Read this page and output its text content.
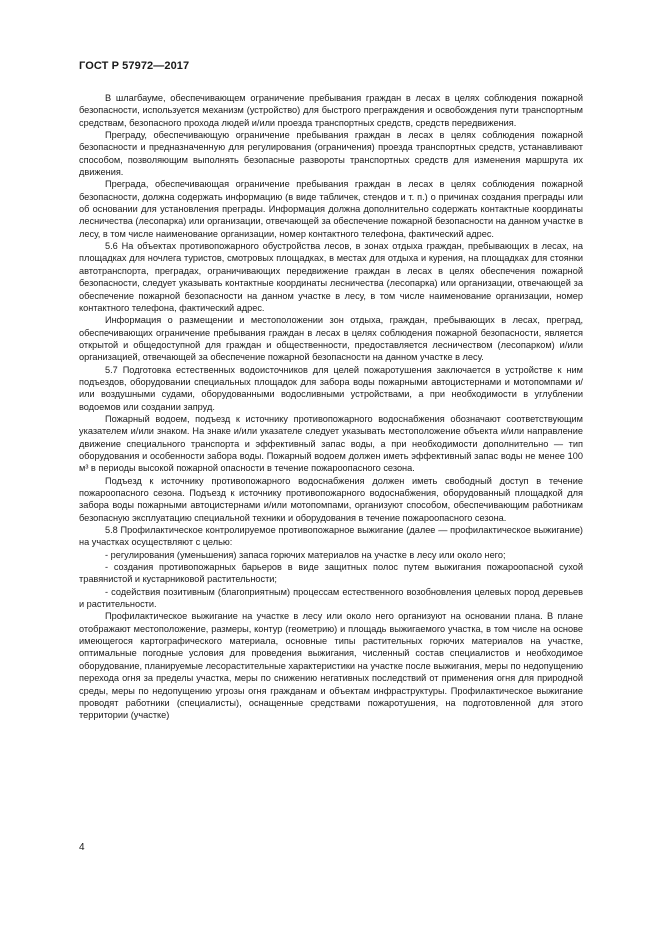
ГОСТ Р 57972—2017

В шлагбауме, обеспечивающем ограничение пребывания граждан в лесах в целях соблюдения пожарной безопасности, используется механизм (устройство) для быстрого преграждения и освобождения пути транспортным средствам, безопасного прохода людей и/или проезда транспортных средств, средств передвижения.

Преграду, обеспечивающую ограничение пребывания граждан в лесах в целях соблюдения пожарной безопасности и предназначенную для регулирования (ограничения) проезда транспортных средств, устанавливают способом, позволяющим выполнять безопасные развороты транспортных средств для изменения маршрута их движения.

Преграда, обеспечивающая ограничение пребывания граждан в лесах в целях соблюдения пожарной безопасности, должна содержать информацию (в виде табличек, стендов и т. п.) о причинах создания преграды или об основании для установления преграды. Информация должна дополнительно содержать контактные координаты лесничества (лесопарка) или организации, отвечающей за обеспечение пожарной безопасности на данном участке в лесу, в том числе наименование организации, номер контактного телефона, фактический адрес.

5.6 На объектах противопожарного обустройства лесов, в зонах отдыха граждан, пребывающих в лесах, на площадках для ночлега туристов, смотровых площадках, в местах для отдыха и курения, на площадках для стоянки автотранспорта, преградах, ограничивающих передвижение граждан в лесах в целях обеспечения пожарной безопасности, следует указывать контактные координаты лесничества (лесопарка) или организации, отвечающей за обеспечение пожарной безопасности на данном участке в лесу, в том числе наименование организации, номер контактного телефона, фактический адрес.

Информация о размещении и местоположении зон отдыха, граждан, пребывающих в лесах, преград, обеспечивающих ограничение пребывания граждан в лесах в целях соблюдения пожарной безопасности, является открытой и общедоступной для граждан и общественности, предоставляется лесничеством (лесопарком) и/или организацией, отвечающей за обеспечение пожарной безопасности на данном участке в лесу.

5.7 Подготовка естественных водоисточников для целей пожаротушения заключается в устройстве к ним подъездов, оборудовании специальных площадок для забора воды пожарными автоцистернами и мотопомпами и/или воздушными судами, оборудованными водосливными устройствами, а при необходимости в углублении водоемов или создании запруд.

Пожарный водоем, подъезд к источнику противопожарного водоснабжения обозначают соответствующим указателем и/или знаком. На знаке и/или указателе следует указывать местоположение объекта и/или направление движение специального транспорта и эффективный запас воды, а при необходимости дополнительно — тип оборудования и особенности забора воды. Пожарный водоем должен иметь эффективный запас воды не менее 100 м³ в периоды высокой пожарной опасности в течение пожароопасного сезона.

Подъезд к источнику противопожарного водоснабжения должен иметь свободный доступ в течение пожароопасного сезона. Подъезд к источнику противопожарного водоснабжения, оборудованный площадкой для забора воды пожарными автоцистернами и/или мотопомпами, организуют способом, обеспечивающим работникам безопасную эксплуатацию специальной техники и оборудования в течение пожароопасного сезона.

5.8 Профилактическое контролируемое противопожарное выжигание (далее — профилактическое выжигание) на участках осуществляют с целью:

- регулирования (уменьшения) запаса горючих материалов на участке в лесу или около него;

- создания противопожарных барьеров в виде защитных полос путем выжигания пожароопасной сухой травянистой и кустарниковой растительности;

- содействия позитивным (благоприятным) процессам естественного возобновления целевых пород деревьев и растительности.

Профилактическое выжигание на участке в лесу или около него организуют на основании плана. В плане отображают местоположение, размеры, контур (геометрию) и площадь выжигаемого участка, в том числе на основе имеющегося картографического материала, основные типы растительных горючих материалов на участке, оптимальные погодные условия для проведения выжигания, численный состав специалистов и необходимое оборудование, планируемые лесорастительные характеристики на участке после выжигания, меры по недопущению перехода огня за пределы участка, меры по снижению негативных последствий от применения огня для природной среды, меры по недопущению угрозы огня гражданам и объектам инфраструктуры. Профилактическое выжигание проводят работники (специалисты), оснащенные средствами пожаротушения, на подготовленной для этого территории (участке)

4
